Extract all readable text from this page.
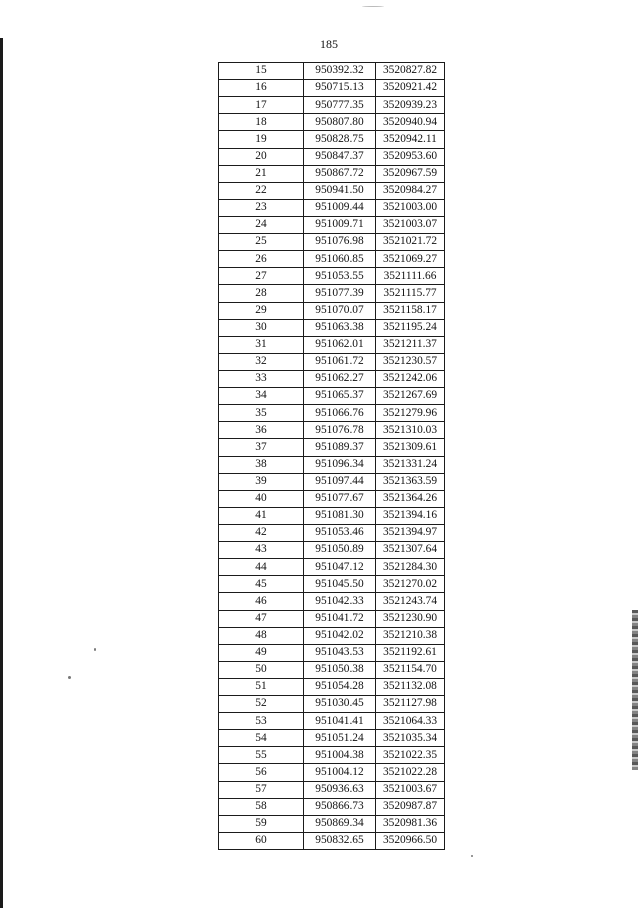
185
15	950392.32	3520827.82
16	950715.13	3520921.42
17	950777.35	3520939.23
18	950807.80	3520940.94
19	950828.75	3520942.11
20	950847.37	3520953.60
21	950867.72	3520967.59
22	950941.50	3520984.27
23	951009.44	3521003.00
24	951009.71	3521003.07
25	951076.98	3521021.72
26	951060.85	3521069.27
27	951053.55	3521111.66
28	951077.39	3521115.77
29	951070.07	3521158.17
30	951063.38	3521195.24
31	951062.01	3521211.37
32	951061.72	3521230.57
33	951062.27	3521242.06
34	951065.37	3521267.69
35	951066.76	3521279.96
36	951076.78	3521310.03
37	951089.37	3521309.61
38	951096.34	3521331.24
39	951097.44	3521363.59
40	951077.67	3521364.26
41	951081.30	3521394.16
42	951053.46	3521394.97
43	951050.89	3521307.64
44	951047.12	3521284.30
45	951045.50	3521270.02
46	951042.33	3521243.74
47	951041.72	3521230.90
48	951042.02	3521210.38
49	951043.53	3521192.61
50	951050.38	3521154.70
51	951054.28	3521132.08
52	951030.45	3521127.98
53	951041.41	3521064.33
54	951051.24	3521035.34
55	951004.38	3521022.35
56	951004.12	3521022.28
57	950936.63	3521003.67
58	950866.73	3520987.87
59	950869.34	3520981.36
60	950832.65	3520966.50
